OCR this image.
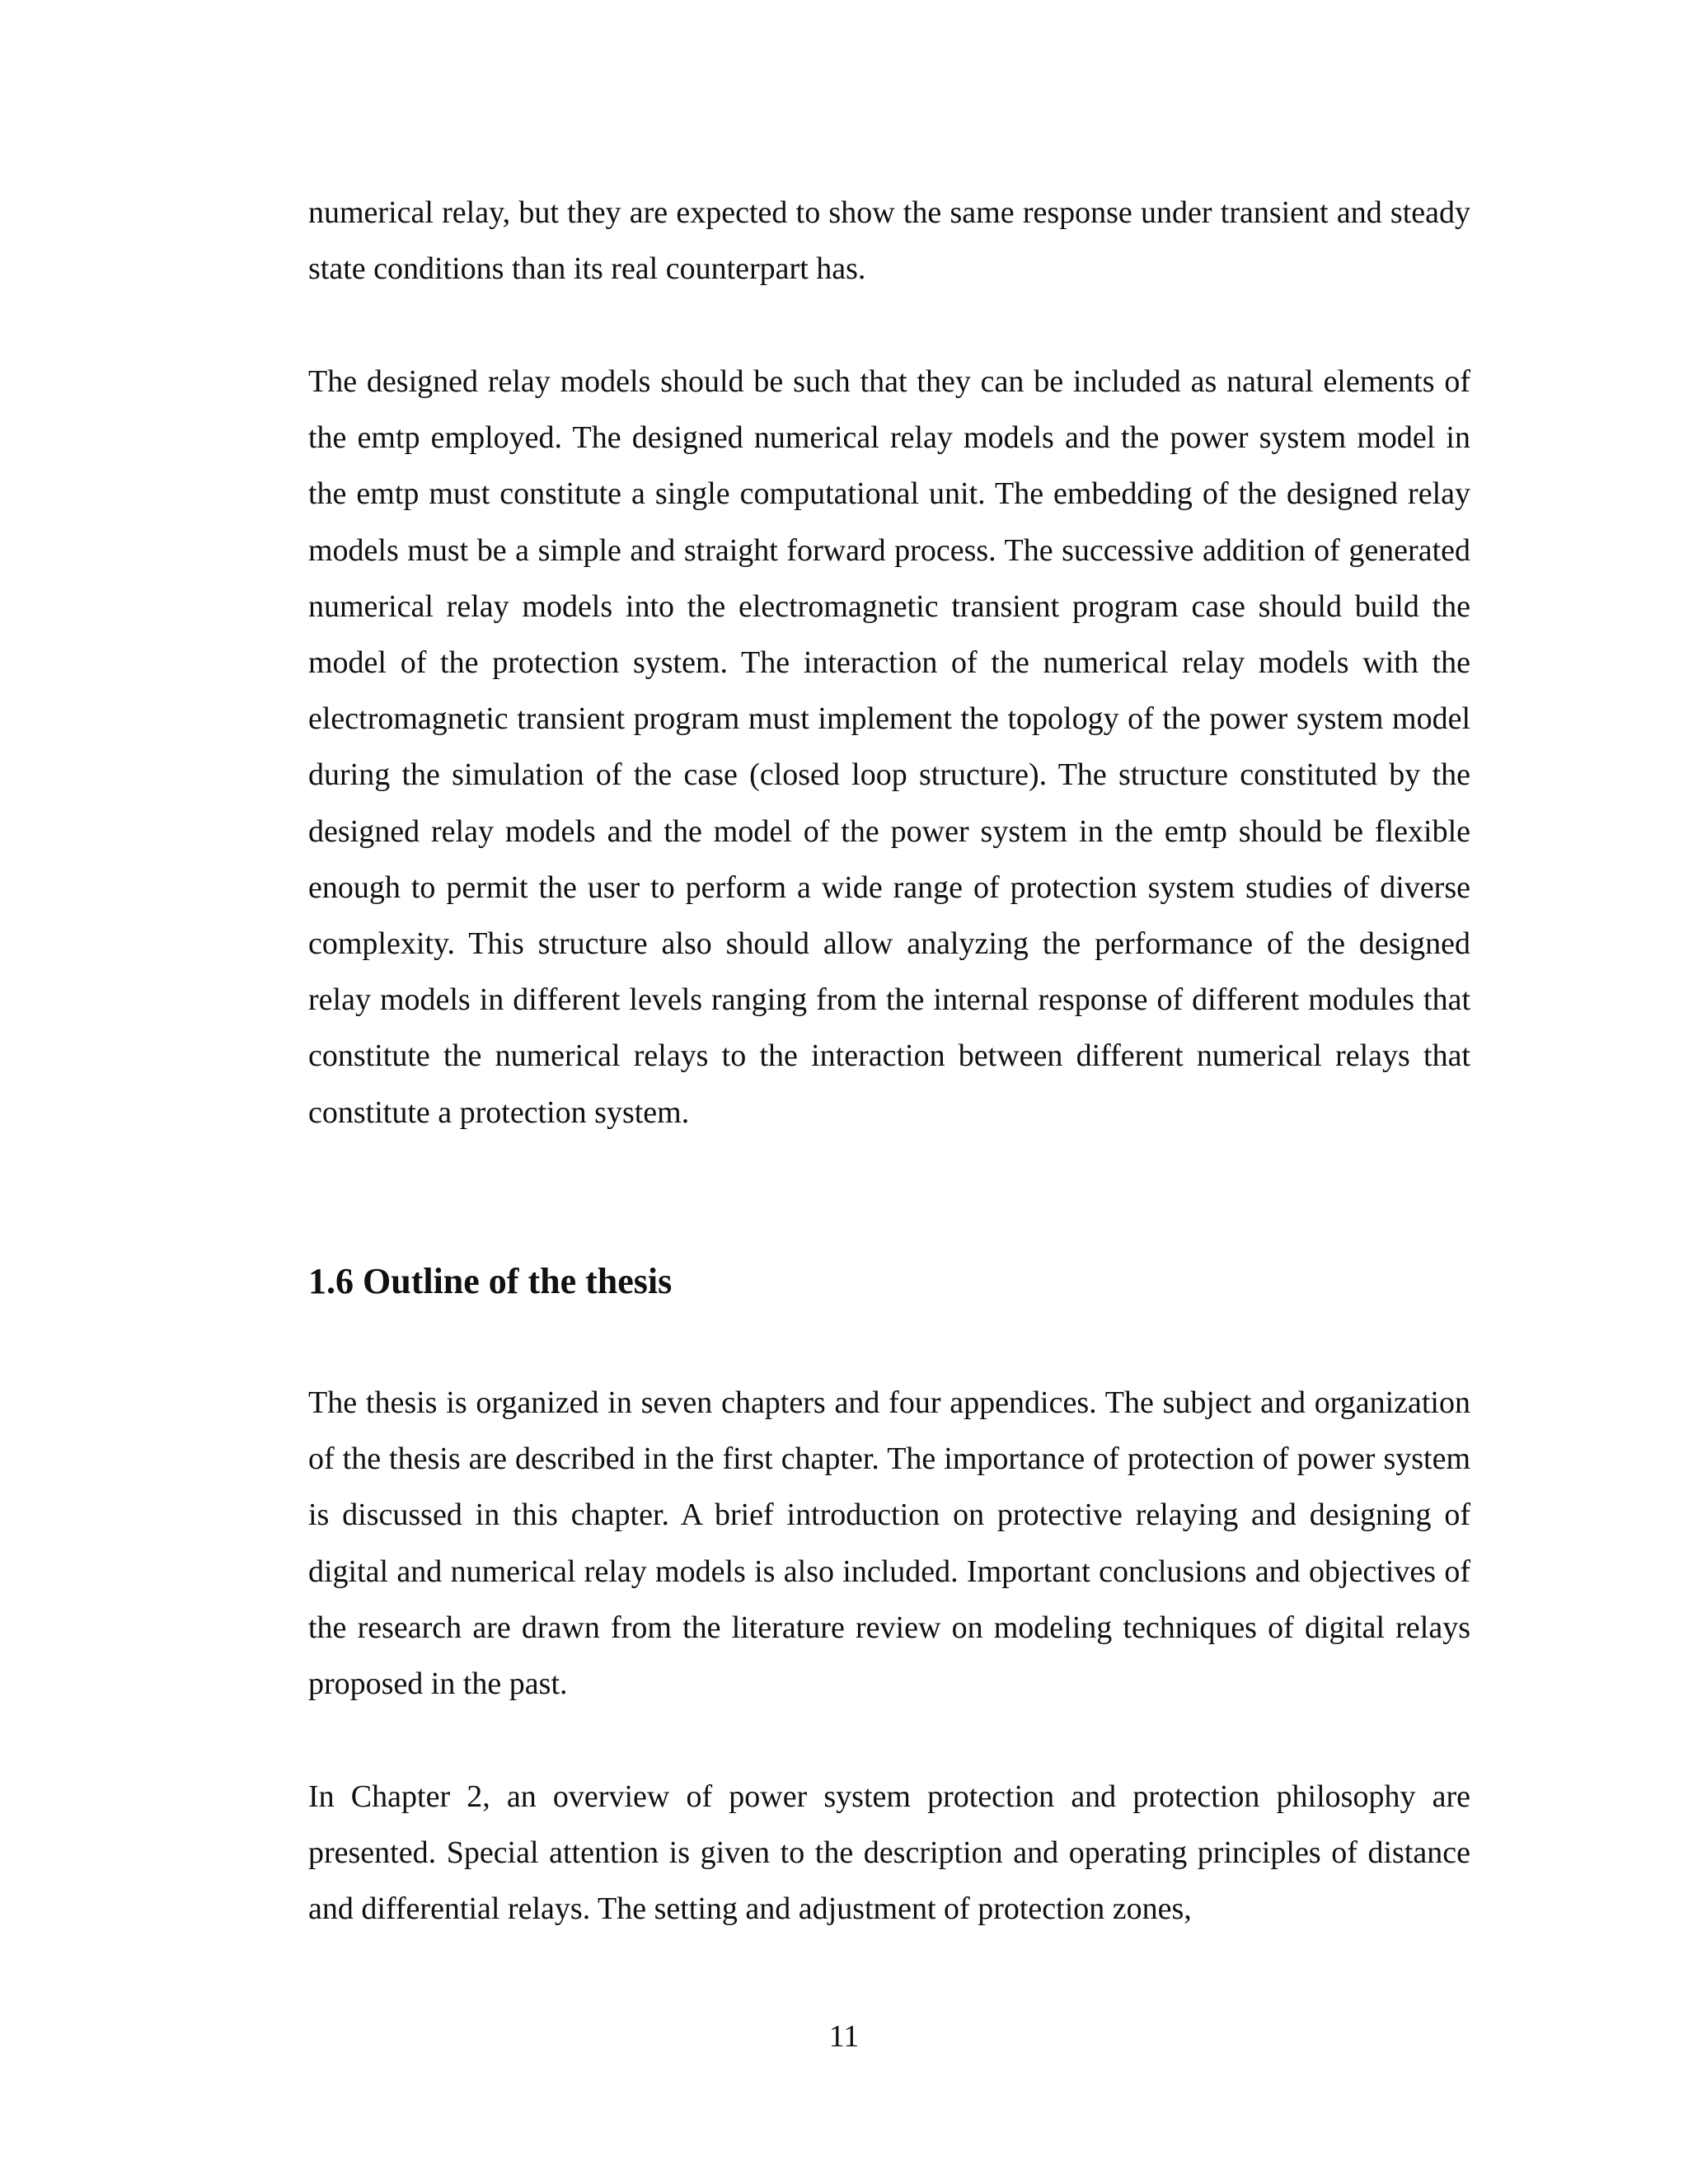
numerical relay, but they are expected to show the same response under transient and steady state conditions than its real counterpart has.

The designed relay models should be such that they can be included as natural elements of the emtp employed. The designed numerical relay models and the power system model in the emtp must constitute a single computational unit. The embedding of the designed relay models must be a simple and straight forward process. The successive addition of generated numerical relay models into the electromagnetic transient program case should build the model of the protection system. The interaction of the numerical relay models with the electromagnetic transient program must implement the topology of the power system model during the simulation of the case (closed loop structure). The structure constituted by the designed relay models and the model of the power system in the emtp should be flexible enough to permit the user to perform a wide range of protection system studies of diverse complexity. This structure also should allow analyzing the performance of the designed relay models in different levels ranging from the internal response of different modules that constitute the numerical relays to the interaction between different numerical relays that constitute a protection system.

1.6 Outline of the thesis

The thesis is organized in seven chapters and four appendices. The subject and organization of the thesis are described in the first chapter. The importance of protection of power system is discussed in this chapter. A brief introduction on protective relaying and designing of digital and numerical relay models is also included. Important conclusions and objectives of the research are drawn from the literature review on modeling techniques of digital relays proposed in the past.

In Chapter 2, an overview of power system protection and protection philosophy are presented. Special attention is given to the description and operating principles of distance and differential relays. The setting and adjustment of protection zones,

11
